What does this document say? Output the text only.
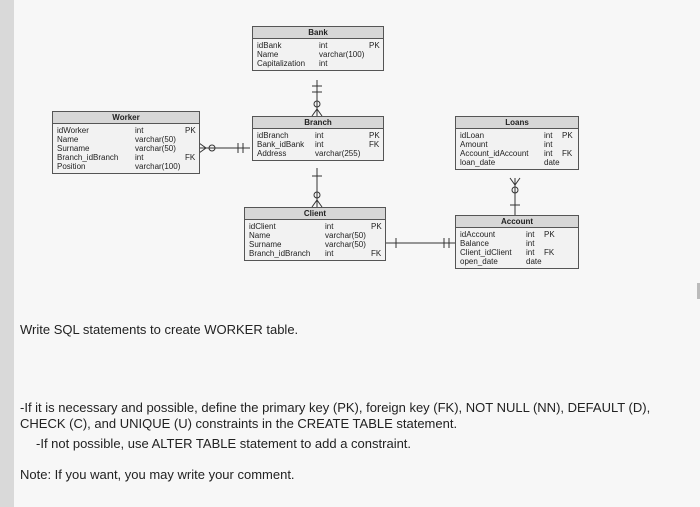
Bank
idBank	int	PK
Name	varchar(100)
Capitalization int
Worker
idWorker	int	PK
Name	varchar(50)
Surname	varchar(50)
Branch_idBranch int	FK
Position	varchar(100)
Branch
idBranch	int	PK
Bank_idBank int	FK
Address	varchar(255)
Loans
idLoan	int PK
Amount	int
Account_idAccount int FK
loan_date	date
Client
idClient	int	PK
Name	varchar(50)
Surname	varchar(50)
Branch_idBranch int	FK
Account
idAccount	int PK
Balance	int
Client_idClient int FK
open_date	date
Write SQL statements to create WORKER table.
-If it is necessary and possible, define the primary key (PK), foreign key (FK), NOT NULL (NN), DEFAULT (D), CHECK (C), and UNIQUE (U) constraints in the CREATE TABLE statement.
-If not possible, use ALTER TABLE statement to add a constraint.
Note: If you want, you may write your comment.
